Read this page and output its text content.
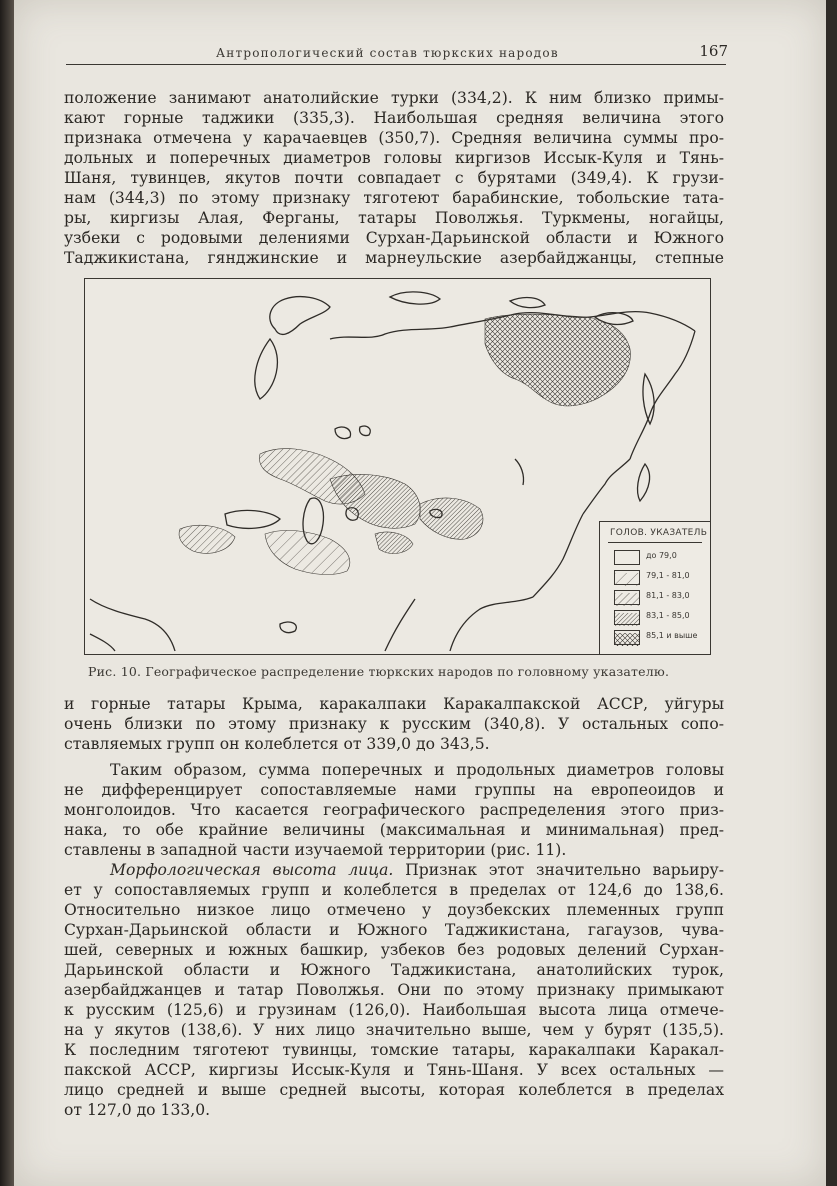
Антропологический состав тюркских народов	167
положение занимают анатолийские турки (334,2). К ним близко примы-
кают горные таджики (335,3). Наибольшая средняя величина этого
признака отмечена у карачаевцев (350,7). Средняя величина суммы про-
дольных и поперечных диаметров головы киргизов Иссык-Куля и Тянь-
Шаня, тувинцев, якутов почти совпадает с бурятами (349,4). К грузи-
нам (344,3) по этому признаку тяготеют барабинские, тобольские тата-
ры, киргизы Алая, Ферганы, татары Поволжья. Туркмены, ногайцы,
узбеки с родовыми делениями Сурхан-Дарьинской области и Южного
Таджикистана, гянджинские и марнеульские азербайджанцы, степные
ГОЛОВ. УКАЗАТЕЛЬ
до 79,0
79,1 - 81,0
81,1 - 83,0
83,1 - 85,0
85,1 и выше
Рис. 10. Географическое распределение тюркских народов по головному указателю.
и горные татары Крыма, каракалпаки Каракалпакской АССР, уйгуры
очень близки по этому признаку к русским (340,8). У остальных сопо-
ставляемых групп он колеблется от 339,0 до 343,5.
Таким образом, сумма поперечных и продольных диаметров головы
не дифференцирует сопоставляемые нами группы на европеоидов и
монголоидов. Что касается географического распределения этого приз-
нака, то обе крайние величины (максимальная и минимальная) пред-
ставлены в западной части изучаемой территории (рис. 11).
Морфологическая высота лица. Признак этот значительно варьиру-
ет у сопоставляемых групп и колеблется в пределах от 124,6 до 138,6.
Относительно низкое лицо отмечено у доузбекских племенных групп
Сурхан-Дарьинской области и Южного Таджикистана, гагаузов, чува-
шей, северных и южных башкир, узбеков без родовых делений Сурхан-
Дарьинской области и Южного Таджикистана, анатолийских турок,
азербайджанцев и татар Поволжья. Они по этому признаку примыкают
к русским (125,6) и грузинам (126,0). Наибольшая высота лица отмече-
на у якутов (138,6). У них лицо значительно выше, чем у бурят (135,5).
К последним тяготеют тувинцы, томские татары, каракалпаки Каракал-
пакской АССР, киргизы Иссык-Куля и Тянь-Шаня. У всех остальных —
лицо средней и выше средней высоты, которая колеблется в пределах
от 127,0 до 133,0.
